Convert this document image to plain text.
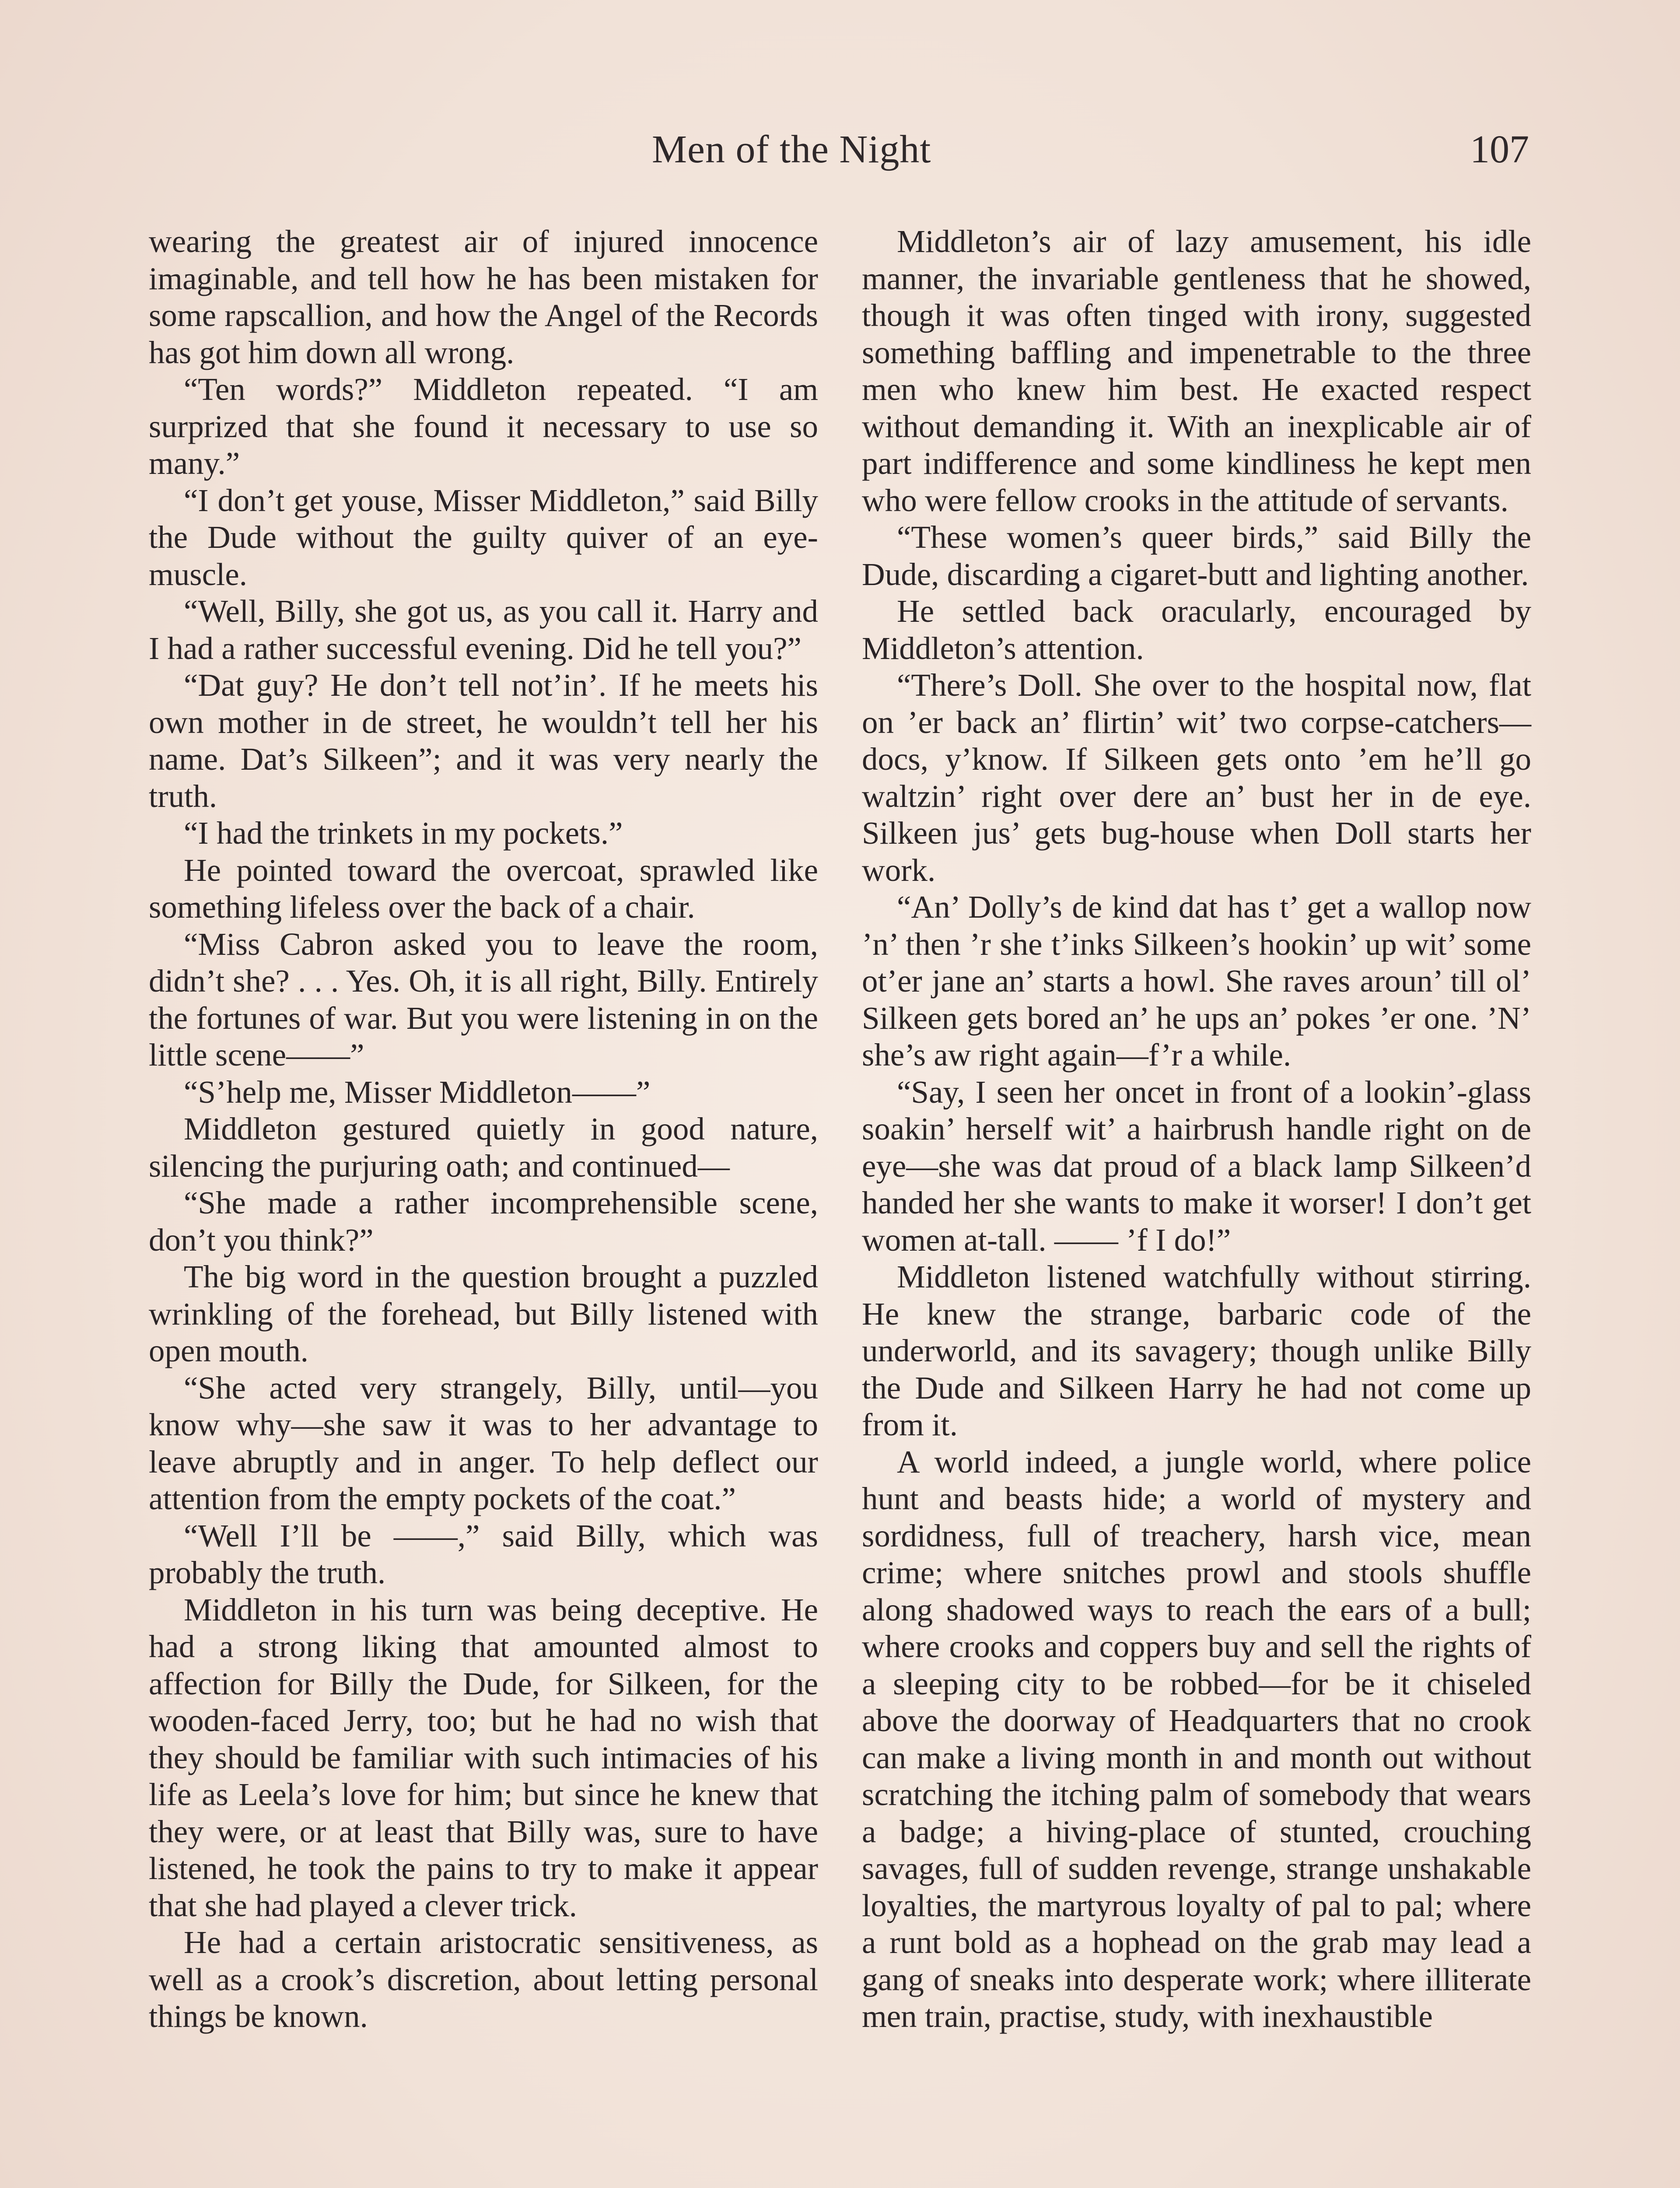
Men of the Night	107

wearing the greatest air of injured innocence imaginable, and tell how he has been mistaken for some rapscallion, and how the Angel of the Records has got him down all wrong.

“Ten words?” Middleton repeated. “I am surprized that she found it necessary to use so many.”

“I don’t get youse, Misser Middleton,” said Billy the Dude without the guilty quiver of an eye-muscle.

“Well, Billy, she got us, as you call it. Harry and I had a rather successful evening. Did he tell you?”

“Dat guy? He don’t tell not’in’. If he meets his own mother in de street, he wouldn’t tell her his name. Dat’s Silkeen”; and it was very nearly the truth.

“I had the trinkets in my pockets.”

He pointed toward the overcoat, sprawled like something lifeless over the back of a chair.

“Miss Cabron asked you to leave the room, didn’t she? . . . Yes. Oh, it is all right, Billy. Entirely the fortunes of war. But you were listening in on the little scene——”

“S’help me, Misser Middleton——”

Middleton gestured quietly in good nature, silencing the purjuring oath; and continued—

“She made a rather incomprehensible scene, don’t you think?”

The big word in the question brought a puzzled wrinkling of the forehead, but Billy listened with open mouth.

“She acted very strangely, Billy, until—you know why—she saw it was to her advantage to leave abruptly and in anger. To help deflect our attention from the empty pockets of the coat.”

“Well I’ll be ——,” said Billy, which was probably the truth.

Middleton in his turn was being deceptive. He had a strong liking that amounted almost to affection for Billy the Dude, for Silkeen, for the wooden-faced Jerry, too; but he had no wish that they should be familiar with such intimacies of his life as Leela’s love for him; but since he knew that they were, or at least that Billy was, sure to have listened, he took the pains to try to make it appear that she had played a clever trick.

He had a certain aristocratic sensitiveness, as well as a crook’s discretion, about letting personal things be known.

Middleton’s air of lazy amusement, his idle manner, the invariable gentleness that he showed, though it was often tinged with irony, suggested something baffling and impenetrable to the three men who knew him best. He exacted respect without demanding it. With an inexplicable air of part indifference and some kindliness he kept men who were fellow crooks in the attitude of servants.

“These women’s queer birds,” said Billy the Dude, discarding a cigaret-butt and lighting another.

He settled back oracularly, encouraged by Middleton’s attention.

“There’s Doll. She over to the hospital now, flat on ’er back an’ flirtin’ wit’ two corpse-catchers—docs, y’know. If Silkeen gets onto ’em he’ll go waltzin’ right over dere an’ bust her in de eye. Silkeen jus’ gets bug-house when Doll starts her work.

“An’ Dolly’s de kind dat has t’ get a wallop now ’n’ then ’r she t’inks Silkeen’s hookin’ up wit’ some ot’er jane an’ starts a howl. She raves aroun’ till ol’ Silkeen gets bored an’ he ups an’ pokes ’er one. ’N’ she’s aw right again—f’r a while.

“Say, I seen her oncet in front of a lookin’-glass soakin’ herself wit’ a hairbrush handle right on de eye—she was dat proud of a black lamp Silkeen’d handed her she wants to make it worser! I don’t get women at-tall. —— ’f I do!”

Middleton listened watchfully without stirring. He knew the strange, barbaric code of the underworld, and its savagery; though unlike Billy the Dude and Silkeen Harry he had not come up from it.

A world indeed, a jungle world, where police hunt and beasts hide; a world of mystery and sordidness, full of treachery, harsh vice, mean crime; where snitches prowl and stools shuffle along shadowed ways to reach the ears of a bull; where crooks and coppers buy and sell the rights of a sleeping city to be robbed—for be it chiseled above the doorway of Headquarters that no crook can make a living month in and month out without scratching the itching palm of somebody that wears a badge; a hiving-place of stunted, crouching savages, full of sudden revenge, strange unshakable loyalties, the martyrous loyalty of pal to pal; where a runt bold as a hophead on the grab may lead a gang of sneaks into desperate work; where illiterate men train, practise, study, with inexhaustible
